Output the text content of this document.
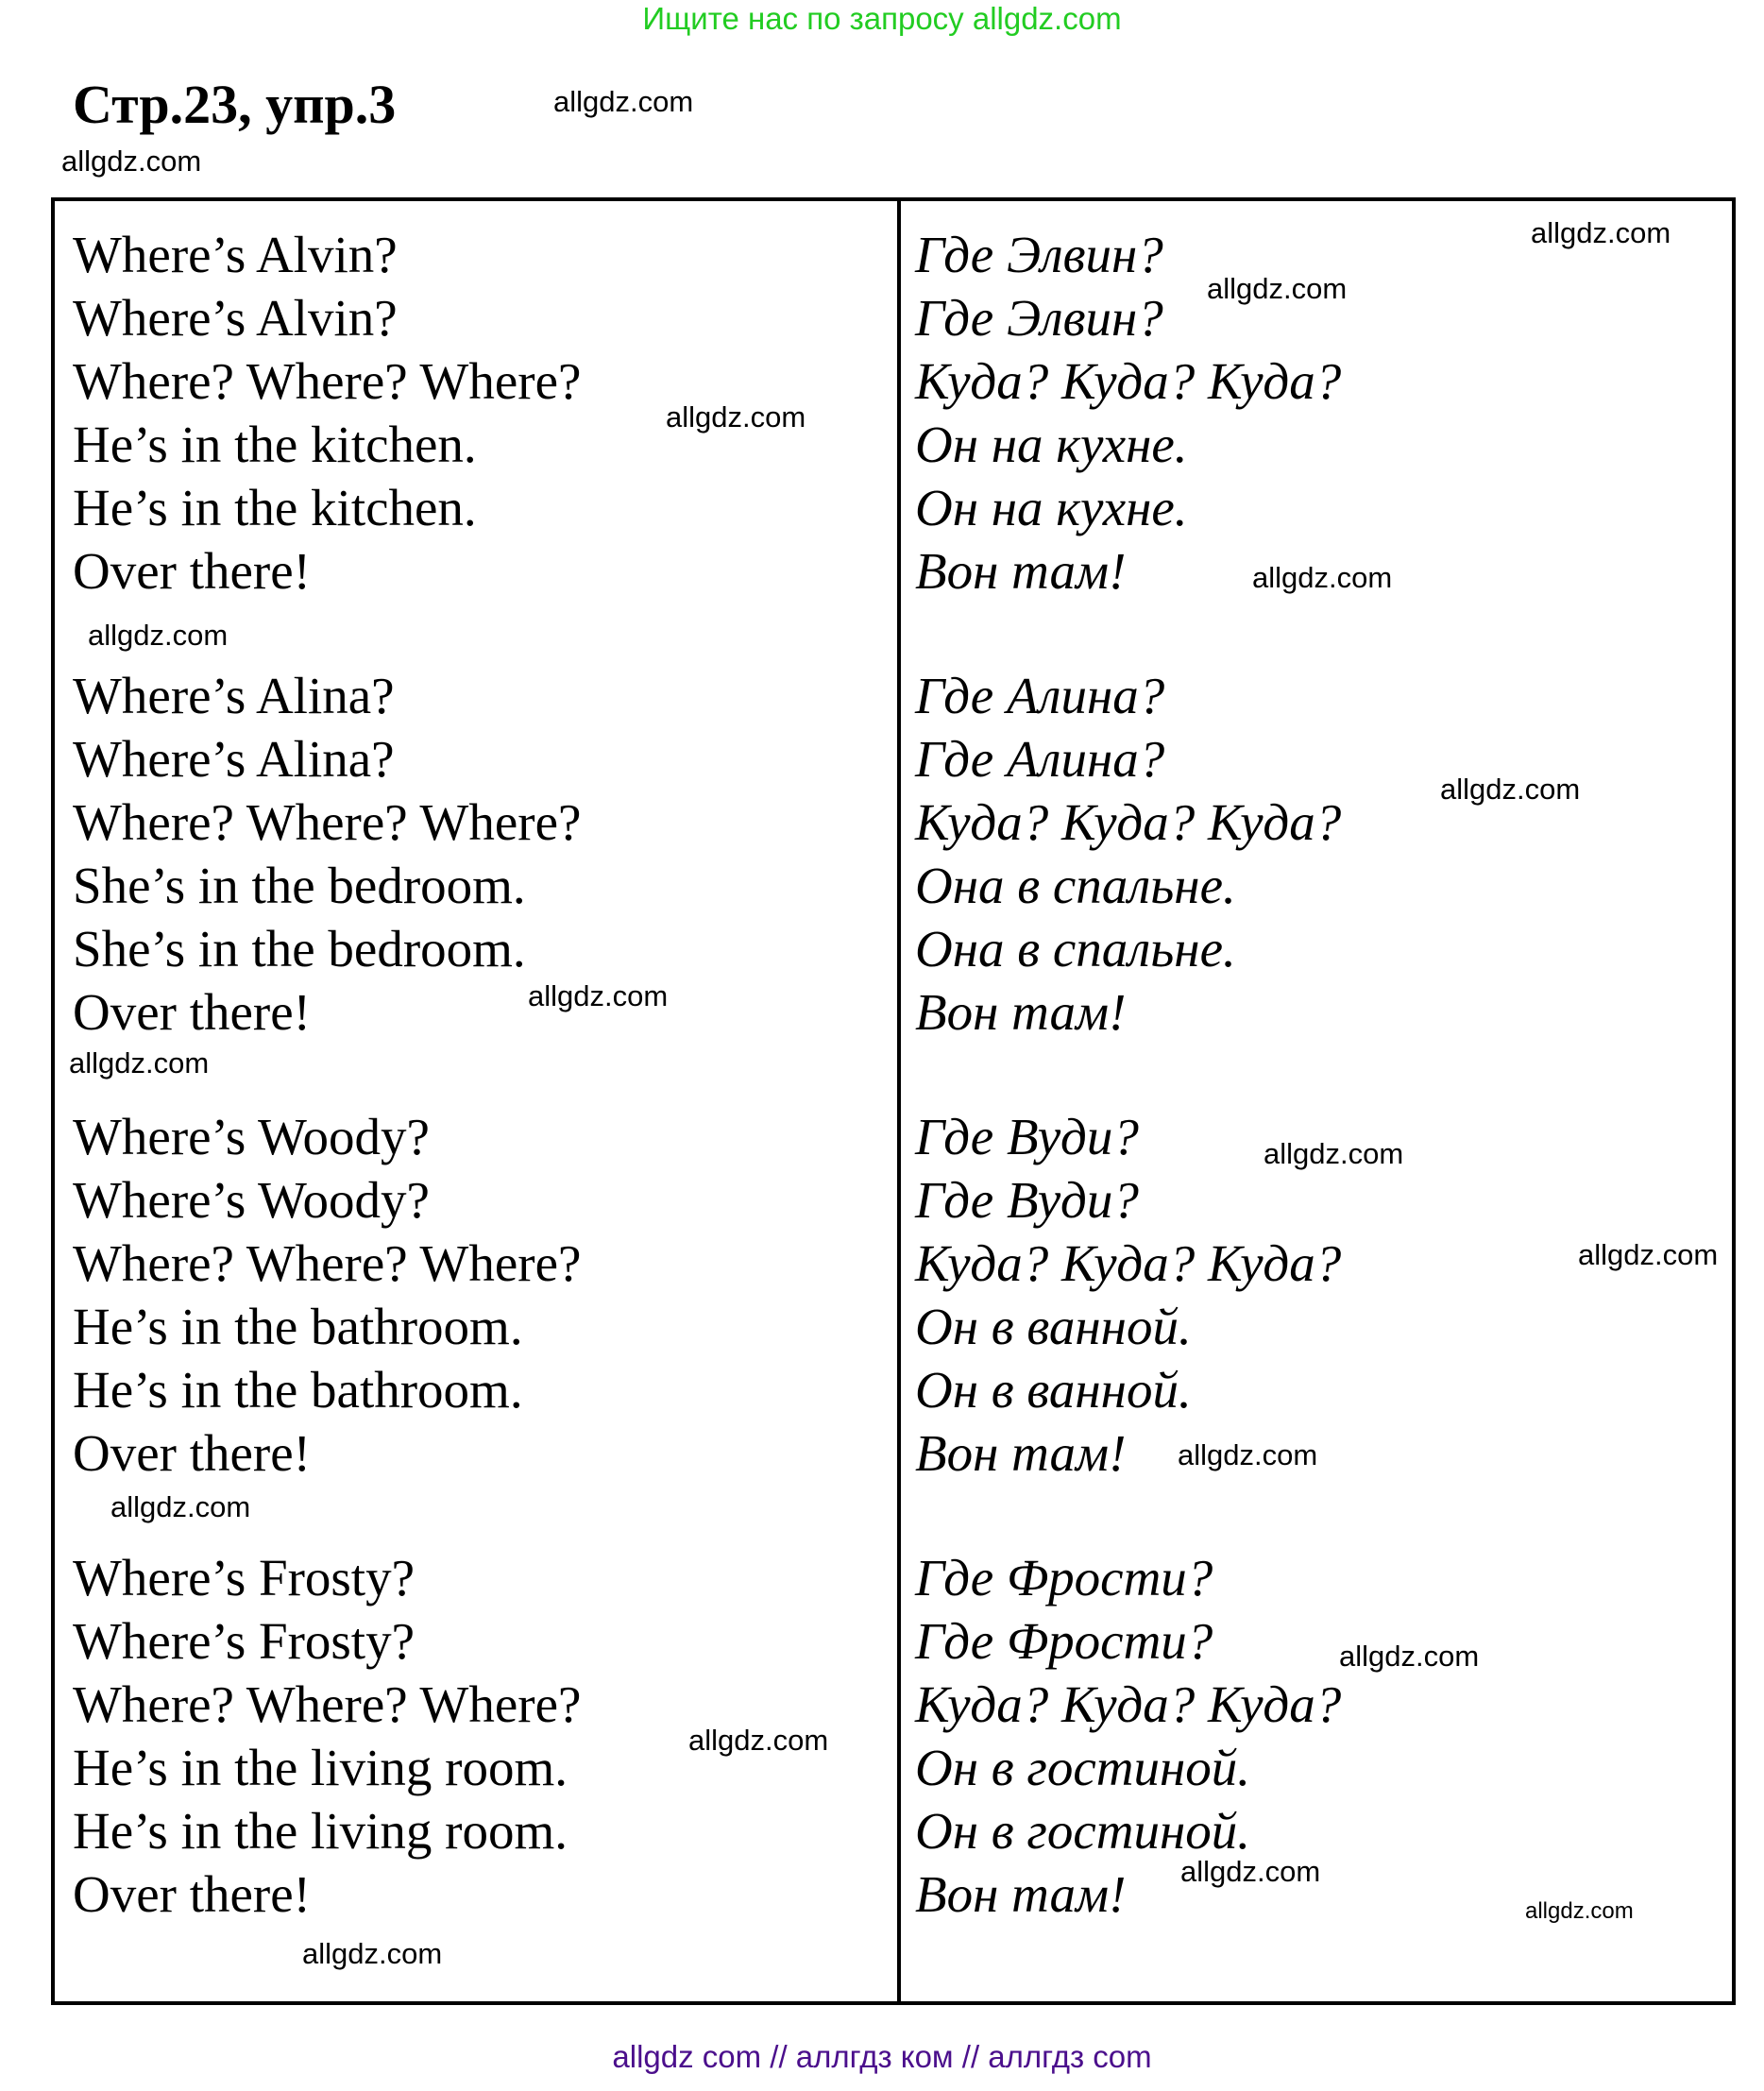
Ищите нас по запросу allgdz.com
Стр.23, упр.3
Where’s Alvin?
Where’s Alvin?
Where? Where? Where?
He’s in the kitchen.
He’s in the kitchen.
Over there!
Where’s Alina?
Where’s Alina?
Where? Where? Where?
She’s in the bedroom.
She’s in the bedroom.
Over there!
Where’s Woody?
Where’s Woody?
Where? Where? Where?
He’s in the bathroom.
He’s in the bathroom.
Over there!
Where’s Frosty?
Where’s Frosty?
Where? Where? Where?
He’s in the living room.
He’s in the living room.
Over there!
Где Элвин?
Где Элвин?
Куда? Куда? Куда?
Он на кухне.
Он на кухне.
Вон там!
Где Алина?
Где Алина?
Куда? Куда? Куда?
Она в спальне.
Она в спальне.
Вон там!
Где Вуди?
Где Вуди?
Куда? Куда? Куда?
Он в ванной.
Он в ванной.
Вон там!
Где Фрости?
Где Фрости?
Куда? Куда? Куда?
Он в гостиной.
Он в гостиной.
Вон там!
allgdz.com
allgdz.com
allgdz.com
allgdz.com
allgdz.com
allgdz.com
allgdz.com
allgdz.com
allgdz.com
allgdz.com
allgdz.com
allgdz.com
allgdz.com
allgdz.com
allgdz.com
allgdz.com
allgdz.com
allgdz.com
allgdz.com
allgdz com // аллгдз ком // аллгдз com
